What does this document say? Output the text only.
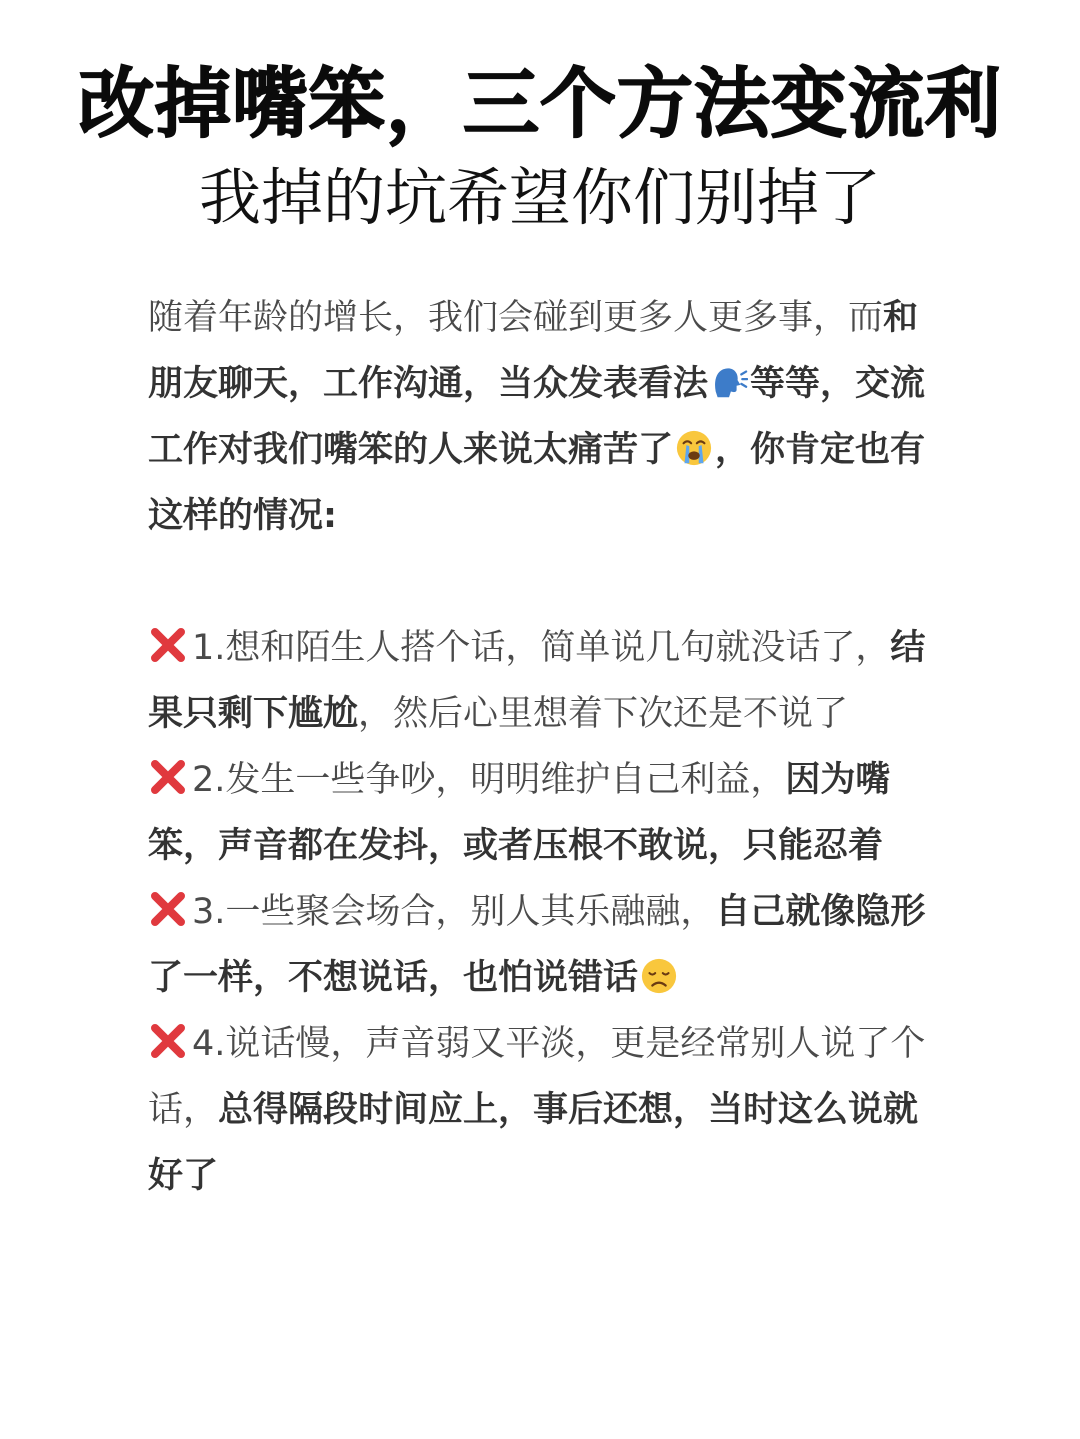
改掉嘴笨，三个方法变流利
我掉的坑希望你们别掉了

随着年龄的增长，我们会碰到更多人更多事，而和朋友聊天，工作沟通，当众发表看法 等等，交流工作对我们嘴笨的人来说太痛苦了 ，你肯定也有这样的情况:

1.想和陌生人搭个话，简单说几句就没话了，结果只剩下尴尬，然后心里想着下次还是不说了

2.发生一些争吵，明明维护自己利益，因为嘴笨，声音都在发抖，或者压根不敢说，只能忍着

3.一些聚会场合，别人其乐融融，自己就像隐形了一样，不想说话，也怕说错话

4.说话慢，声音弱又平淡，更是经常别人说了个话，总得隔段时间应上，事后还想，当时这么说就好了
